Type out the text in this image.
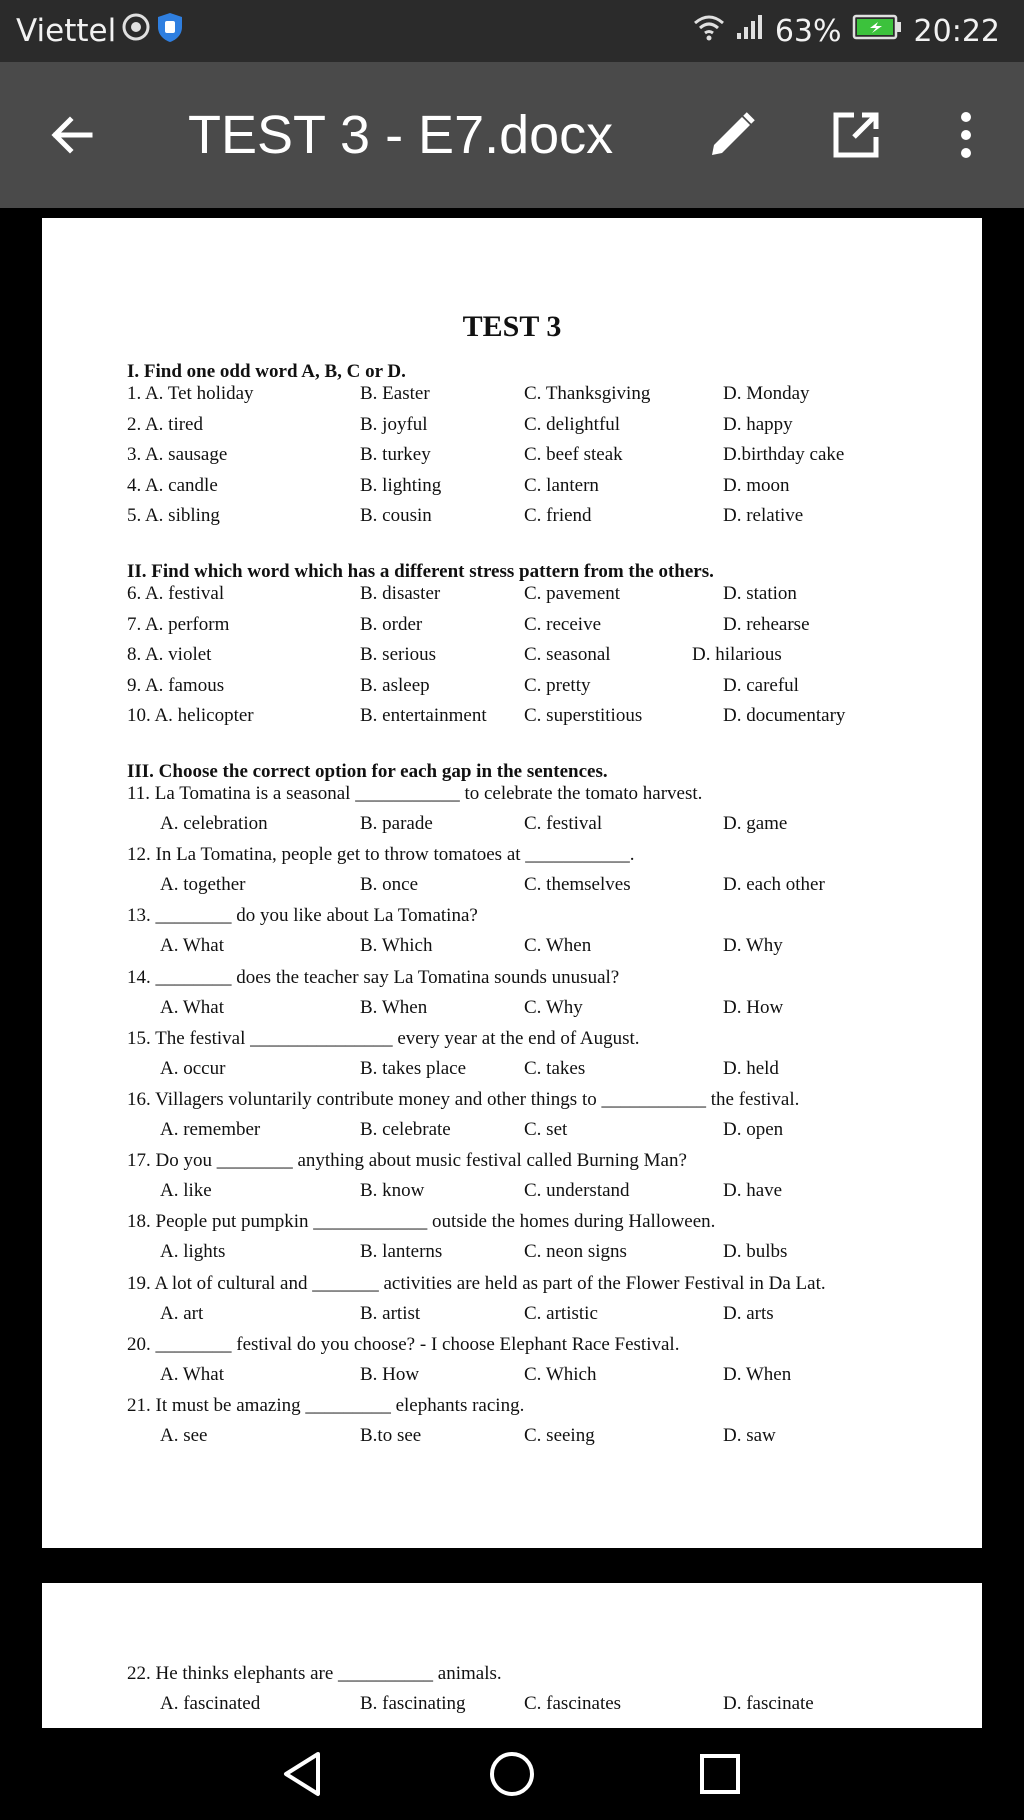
Viettel	63% 20:22
TEST 3 - E7.docx
TEST 3
I. Find one odd word A, B, C or D.
1. A. Tet holiday	B. Easter	C. Thanksgiving	D. Monday
2. A. tired	B. joyful	C. delightful	D. happy
3. A. sausage	B. turkey	C. beef steak	D.birthday cake
4. A. candle	B. lighting	C. lantern	D. moon
5. A. sibling	B. cousin	C. friend	D. relative
II. Find which word which has a different stress pattern from the others.
6. A. festival	B. disaster	C. pavement	D. station
7. A. perform	B. order	C. receive	D. rehearse
8. A. violet	B. serious	C. seasonal	D. hilarious
9. A. famous	B. asleep	C. pretty	D. careful
10. A. helicopter	B. entertainment C. superstitious	D. documentary
III. Choose the correct option for each gap in the sentences.
11. La Tomatina is a seasonal ___________ to celebrate the tomato harvest.
A. celebration	B. parade	C. festival	D. game
12. In La Tomatina, people get to throw tomatoes at ___________.
A. together	B. once	C. themselves	D. each other
13. ________ do you like about La Tomatina?
A. What	B. Which	C. When	D. Why
14. ________ does the teacher say La Tomatina sounds unusual?
A. What	B. When	C. Why	D. How
15. The festival _______________ every year at the end of August.
A. occur	B. takes place	C. takes	D. held
16. Villagers voluntarily contribute money and other things to ___________ the festival.
A. remember	B. celebrate	C. set	D. open
17. Do you ________ anything about music festival called Burning Man?
A. like	B. know	C. understand	D. have
18. People put pumpkin ____________ outside the homes during Halloween.
A. lights	B. lanterns	C. neon signs	D. bulbs
19. A lot of cultural and _______ activities are held as part of the Flower Festival in Da Lat.
A. art	B. artist	C. artistic	D. arts
20. ________ festival do you choose? - I choose Elephant Race Festival.
A. What	B. How	C. Which	D. When
21. It must be amazing _________ elephants racing.
A. see	B.to see	C. seeing	D. saw
22. He thinks elephants are __________ animals.
A. fascinated	B. fascinating	C. fascinates	D. fascinate
